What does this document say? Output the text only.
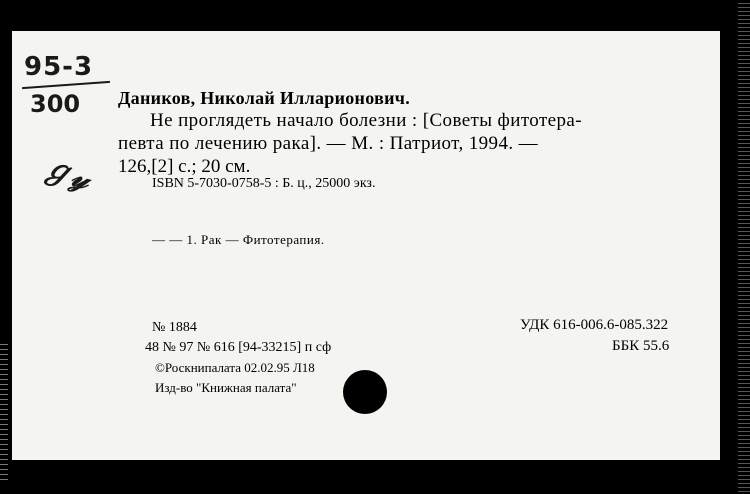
95-3
300
ℊ𝓎
Даников, Николай Илларионович.
Не проглядеть начало болезни : [Советы фитотера-
певта по лечению рака]. — М. : Патриот, 1994. —
126,[2] с.; 20 см.
ISBN 5-7030-0758-5 : Б. ц., 25000 экз.
— — 1. Рак — Фитотерапия.
№ 1884
48 № 97 № 616 [94-33215] п сф
©Роскнипалата 02.02.95 Л18
Изд-во "Книжная палата"
УДК 616-006.6-085.322
ББК 55.6
